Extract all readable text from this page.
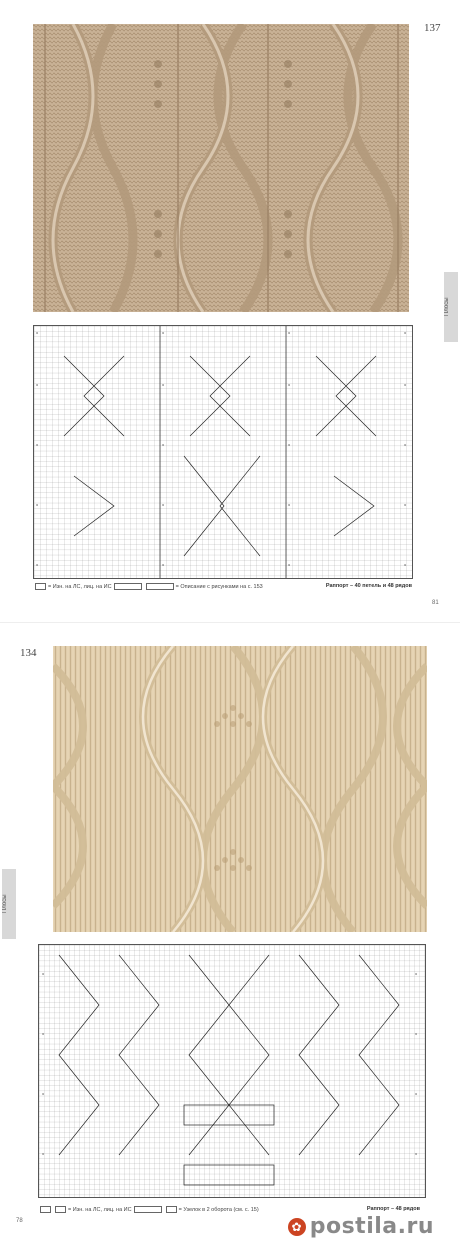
137
Плосы
ᴑ
ᴑ
ᴑ
ᴑ
ᴑ
ᴑ
ᴑ
ᴑ
ᴑ
ᴑ
ᴑ
ᴑ
ᴑ
ᴑ
ᴑ
ᴑ
ᴑ
ᴑ
ᴑ
ᴑ
= Изн. на ЛС, лиц. на ИС	= Описание с рисунками на с. 153	Раппорт – 40 петель и 48 рядов
81
134
Плосы
ᴑ
ᴑ
ᴑ
ᴑ
ᴑ
ᴑ
ᴑ
ᴑ
= Изн. на ЛС, лиц. на ИС	= Узелок в 2 оборота (см. с. 15)	Раппорт – 48 рядов
78	✿ postila.ru
